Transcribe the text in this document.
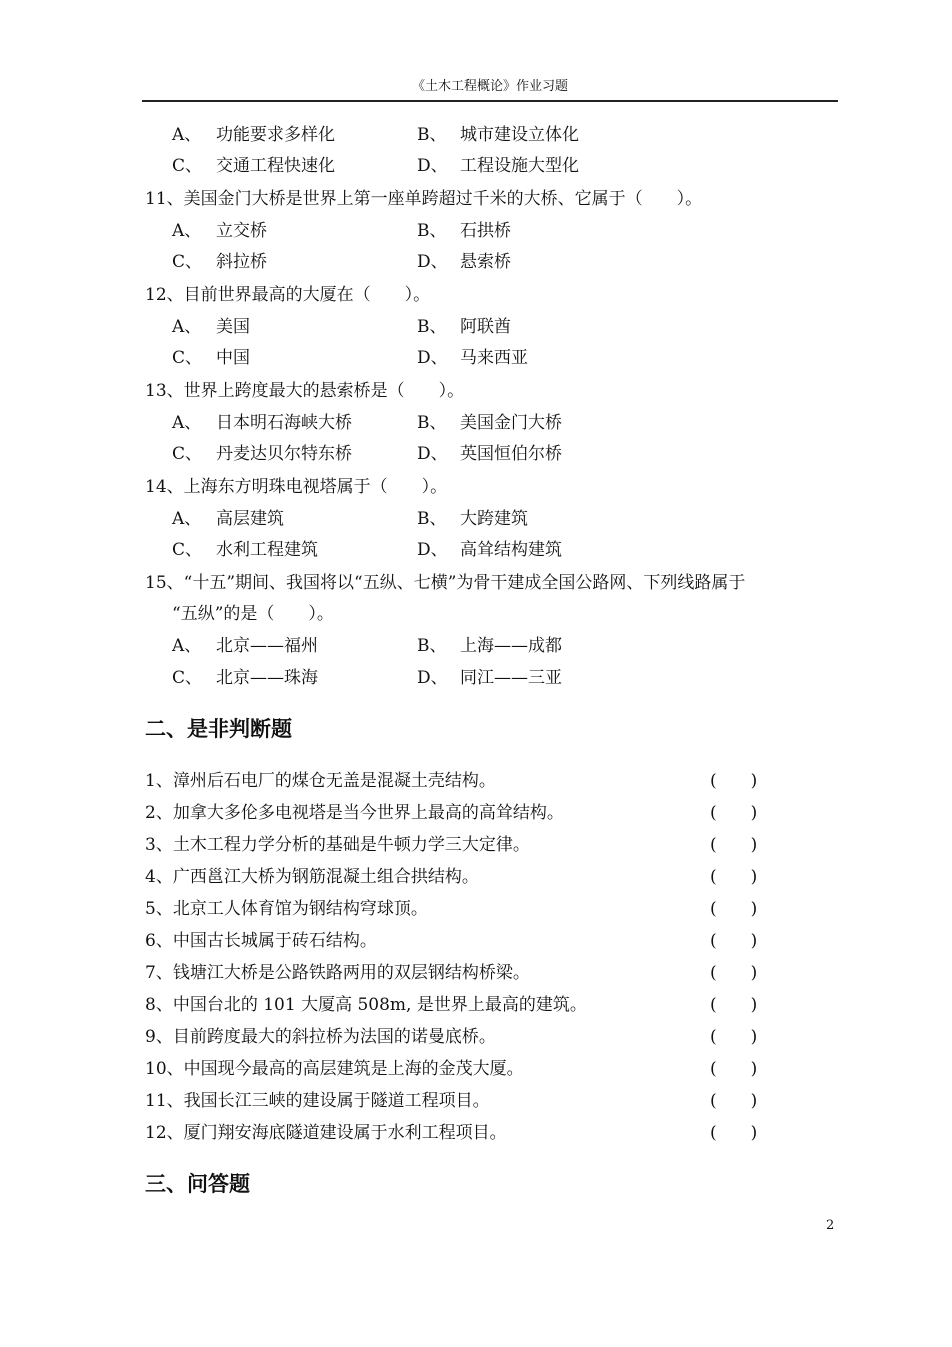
《土木工程概论》作业习题
A、 功能要求多样化	B、 城市建设立体化
C、 交通工程快速化	D、 工程设施大型化
11、美国金门大桥是世界上第一座单跨超过千米的大桥、它属于（　　）。
A、 立交桥	B、 石拱桥
C、 斜拉桥	D、 悬索桥
12、目前世界最高的大厦在（　　）。
A、 美国	B、 阿联酋
C、 中国	D、 马来西亚
13、世界上跨度最大的悬索桥是（　　）。
A、 日本明石海峡大桥	B、 美国金门大桥
C、 丹麦达贝尔特东桥	D、 英国恒伯尔桥
14、上海东方明珠电视塔属于（　　）。
A、 高层建筑	B、 大跨建筑
C、 水利工程建筑	D、 高耸结构建筑
15、“十五”期间、我国将以“五纵、七横”为骨干建成全国公路网、下列线路属于
“五纵”的是（　　）。
A、 北京——福州	B、 上海——成都
C、 北京——珠海	D、 同江——三亚
二、是非判断题
1、漳州后石电厂的煤仓无盖是混凝土壳结构。	(　　)
2、加拿大多伦多电视塔是当今世界上最高的高耸结构。	(　　)
3、土木工程力学分析的基础是牛顿力学三大定律。	(　　)
4、广西邕江大桥为钢筋混凝土组合拱结构。	(　　)
5、北京工人体育馆为钢结构穹球顶。	(　　)
6、中国古长城属于砖石结构。	(　　)
7、钱塘江大桥是公路铁路两用的双层钢结构桥梁。	(　　)
8、中国台北的 101 大厦高 508m, 是世界上最高的建筑。	(　　)
9、目前跨度最大的斜拉桥为法国的诺曼底桥。	(　　)
10、中国现今最高的高层建筑是上海的金茂大厦。	(　　)
11、我国长江三峡的建设属于隧道工程项目。	(　　)
12、厦门翔安海底隧道建设属于水利工程项目。	(　　)
三、问答题
2
